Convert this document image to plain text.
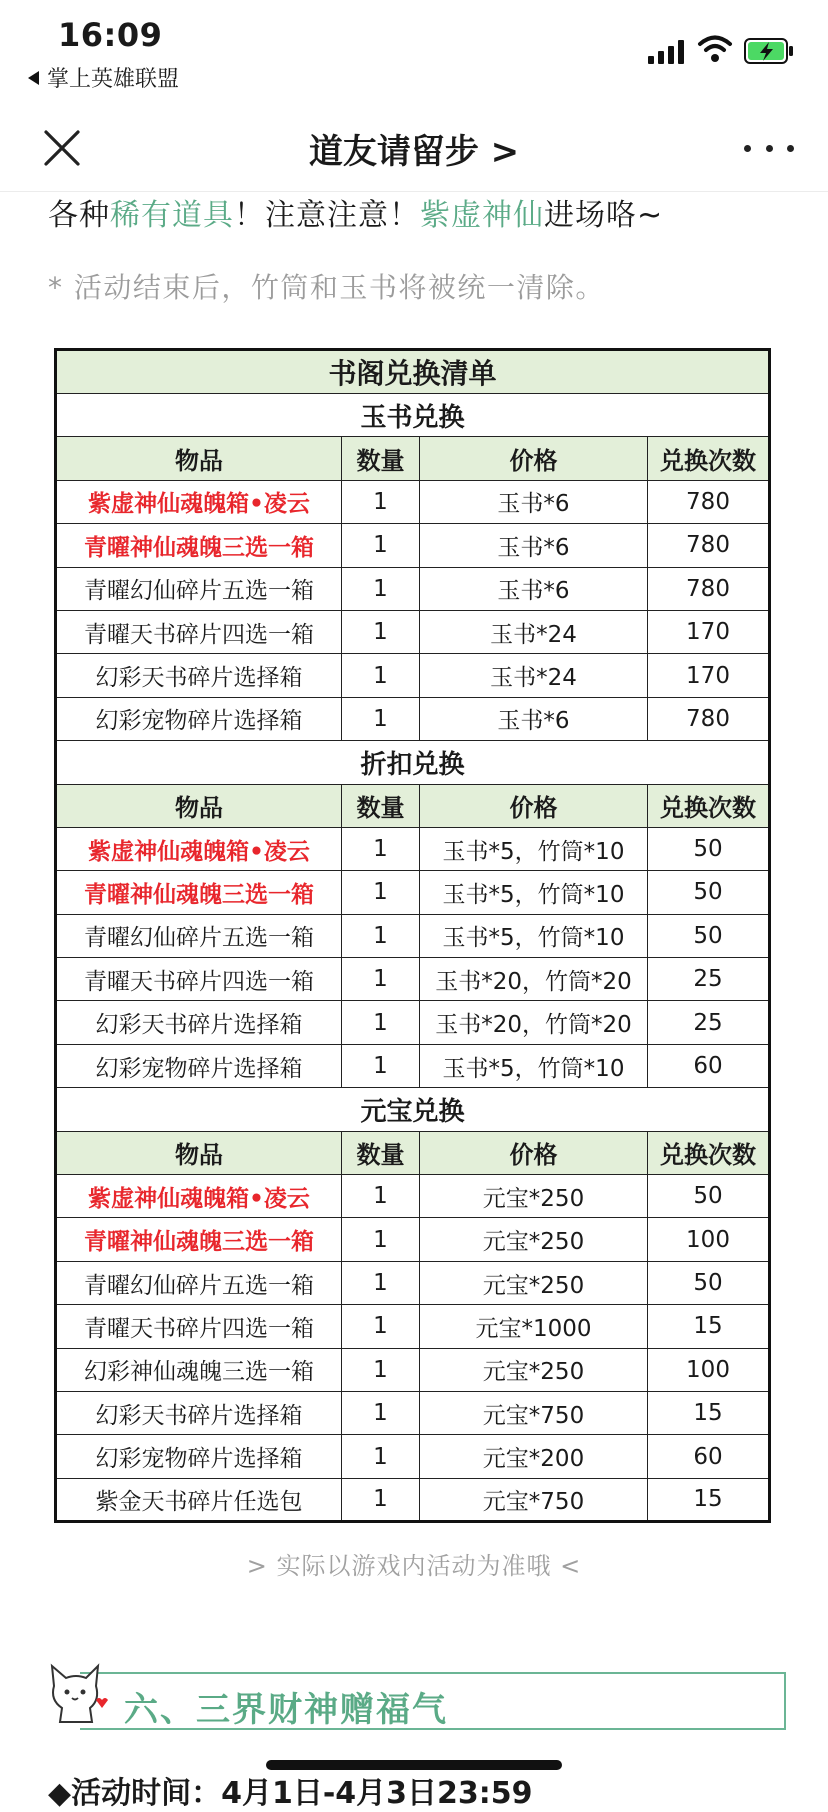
16:09
掌上英雄联盟
道友请留步 >
各种稀有道具！注意注意！紫虚神仙进场咯~
* 活动结束后，竹筒和玉书将被统一清除。
书阁兑换清单			
玉书兑换			
物品	数量	价格	兑换次数
紫虚神仙魂魄箱•凌云	1	玉书*6	780
青曜神仙魂魄三选一箱	1	玉书*6	780
青曜幻仙碎片五选一箱	1	玉书*6	780
青曜天书碎片四选一箱	1	玉书*24	170
幻彩天书碎片选择箱	1	玉书*24	170
幻彩宠物碎片选择箱	1	玉书*6	780
折扣兑换			
物品	数量	价格	兑换次数
紫虚神仙魂魄箱•凌云	1	玉书*5，竹筒*10	50
青曜神仙魂魄三选一箱	1	玉书*5，竹筒*10	50
青曜幻仙碎片五选一箱	1	玉书*5，竹筒*10	50
青曜天书碎片四选一箱	1	玉书*20，竹筒*20	25
幻彩天书碎片选择箱	1	玉书*20，竹筒*20	25
幻彩宠物碎片选择箱	1	玉书*5，竹筒*10	60
元宝兑换			
物品	数量	价格	兑换次数
紫虚神仙魂魄箱•凌云	1	元宝*250	50
青曜神仙魂魄三选一箱	1	元宝*250	100
青曜幻仙碎片五选一箱	1	元宝*250	50
青曜天书碎片四选一箱	1	元宝*1000	15
幻彩神仙魂魄三选一箱	1	元宝*250	100
幻彩天书碎片选择箱	1	元宝*750	15
幻彩宠物碎片选择箱	1	元宝*200	60
紫金天书碎片任选包	1	元宝*750	15
> 实际以游戏内活动为准哦 <
六、三界财神赠福气
◆活动时间：4月1日-4月3日23:59
